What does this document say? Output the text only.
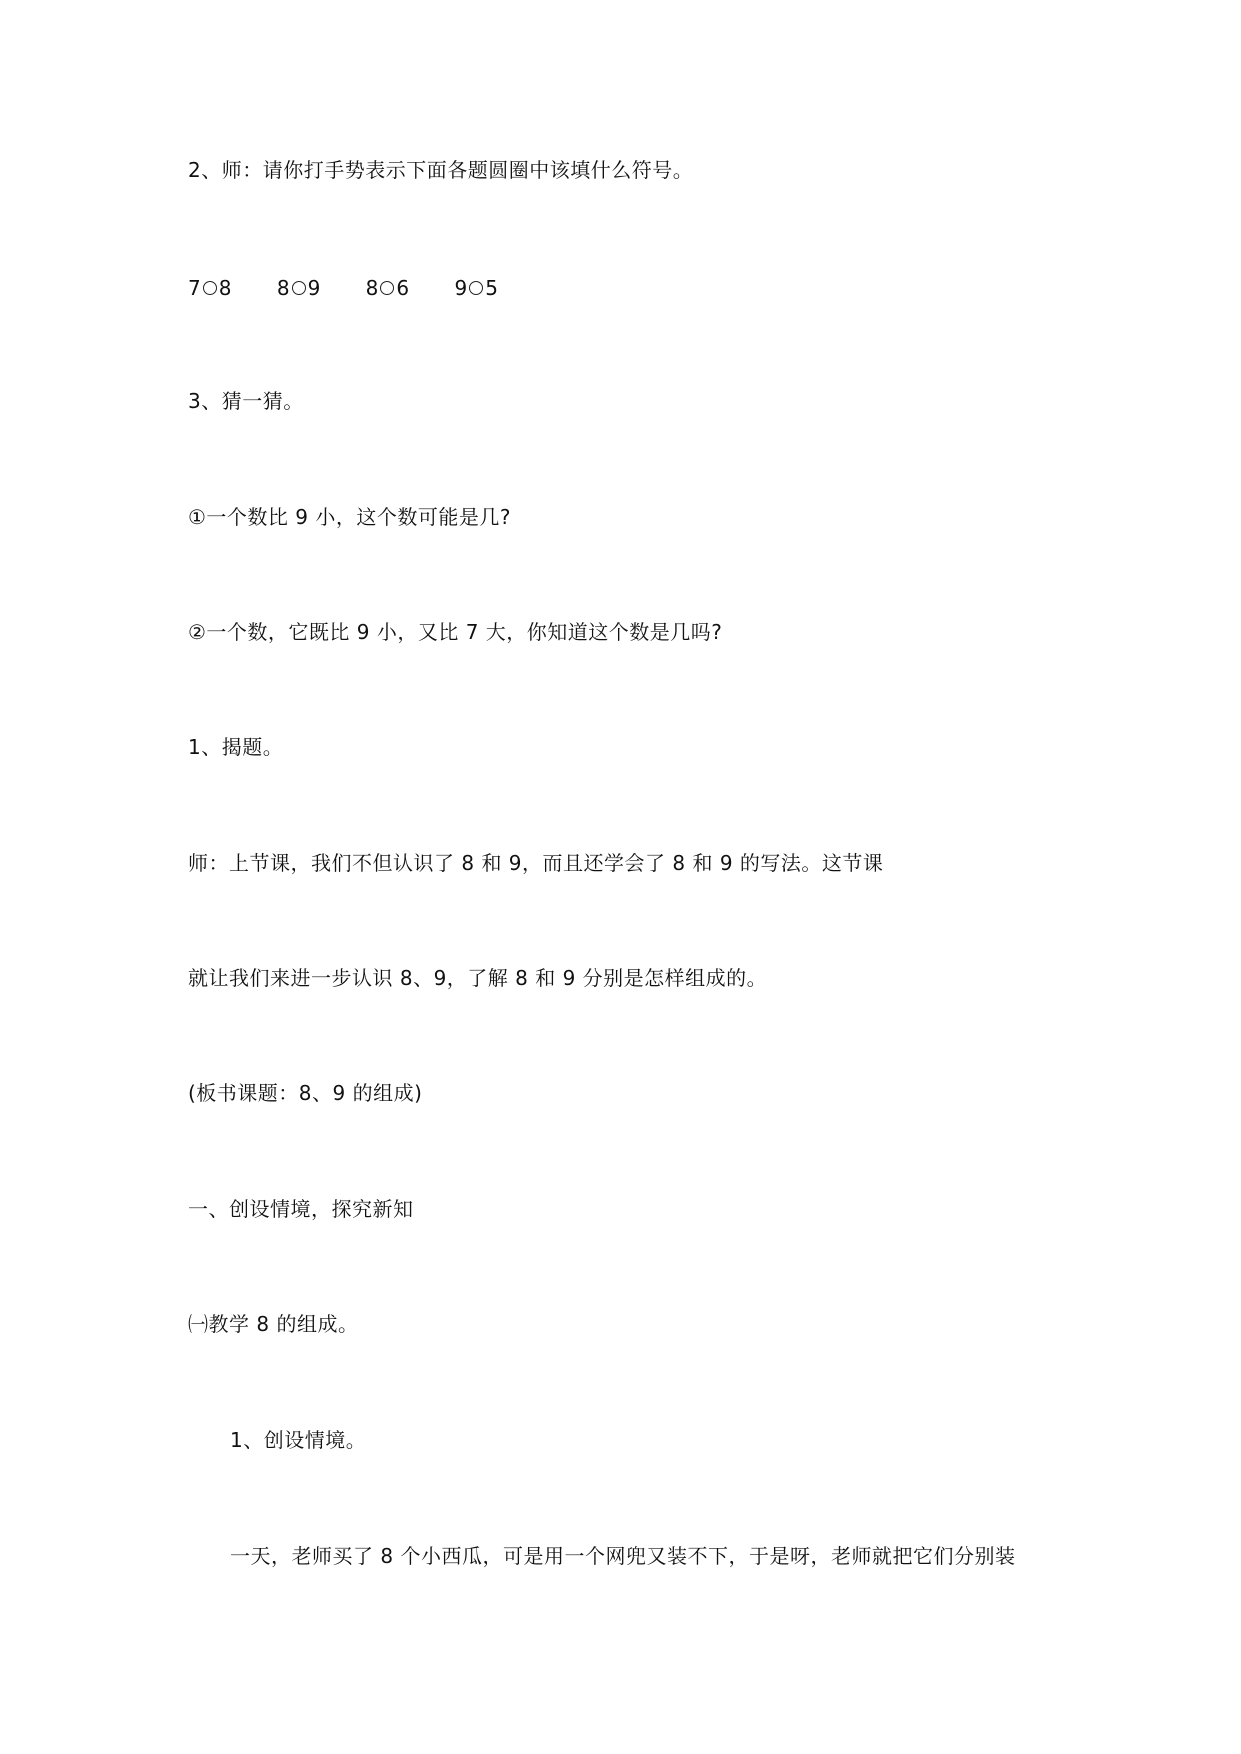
2、师：请你打手势表示下面各题圆圈中该填什么符号。
7 8 8 9 8 6 9 5
3、猜一猜。
①一个数比 9 小，这个数可能是几?
②一个数，它既比 9 小，又比 7 大，你知道这个数是几吗?
1、揭题。
师：上节课，我们不但认识了 8 和 9，而且还学会了 8 和 9 的写法。这节课
就让我们来进一步认识 8、9，了解 8 和 9 分别是怎样组成的。
(板书课题：8、9 的组成)
一、创设情境，探究新知
㈠教学 8 的组成。
1、创设情境。
一天，老师买了 8 个小西瓜，可是用一个网兜又装不下，于是呀，老师就把它们分别装
